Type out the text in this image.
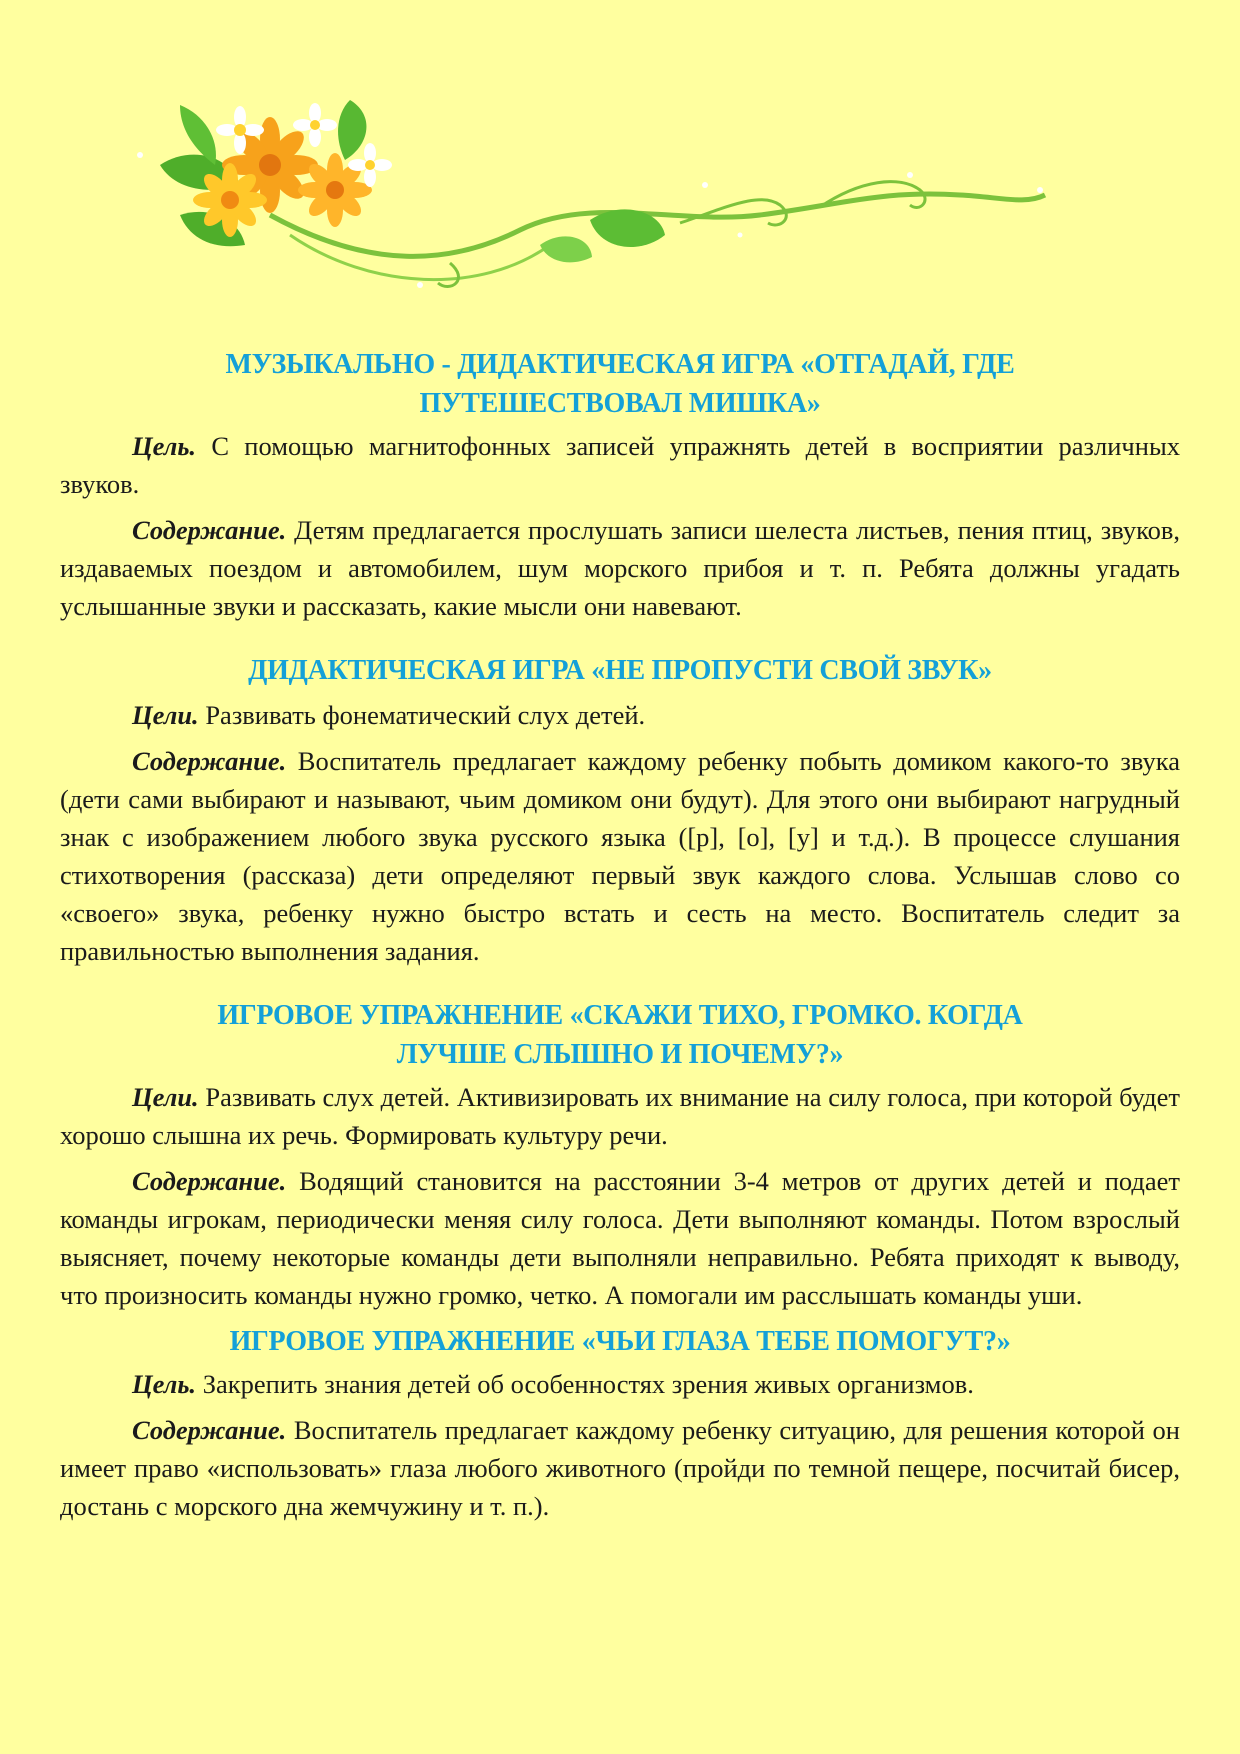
МУЗЫКАЛЬНО - ДИДАКТИЧЕСКАЯ ИГРА «ОТГАДАЙ, ГДЕ ПУТЕШЕСТВОВАЛ МИШКА»

Цель. С помощью магнитофонных записей упражнять детей в восприятии различных звуков.

Содержание. Детям предлагается прослушать записи шелеста листьев, пения птиц, звуков, издаваемых поездом и автомобилем, шум морского прибоя и т. п. Ребята должны угадать услышанные звуки и рассказать, какие мысли они навевают.

ДИДАКТИЧЕСКАЯ ИГРА «НЕ ПРОПУСТИ СВОЙ ЗВУК»

Цели. Развивать фонематический слух детей.

Содержание. Воспитатель предлагает каждому ребенку побыть домиком какого-то звука (дети сами выбирают и называют, чьим домиком они будут). Для этого они выбирают нагрудный знак с изображением любого звука русского языка ([р], [о], [у] и т.д.). В процессе слушания стихотворения (рассказа) дети определяют первый звук каждого слова. Услышав слово со «своего» звука, ребенку нужно быстро встать и сесть на место. Воспитатель следит за правильностью выполнения задания.

ИГРОВОЕ УПРАЖНЕНИЕ «СКАЖИ ТИХО, ГРОМКО. КОГДА ЛУЧШЕ СЛЫШНО И ПОЧЕМУ?»

Цели. Развивать слух детей. Активизировать их внимание на силу голоса, при которой будет хорошо слышна их речь. Формировать культуру речи.

Содержание. Водящий становится на расстоянии 3-4 метров от других детей и подает команды игрокам, периодически меняя силу голоса. Дети выполняют команды. Потом взрослый выясняет, почему некоторые команды дети выполняли неправильно. Ребята приходят к выводу, что произносить команды нужно громко, четко. А помогали им расслышать команды уши.

ИГРОВОЕ УПРАЖНЕНИЕ «ЧЬИ ГЛАЗА ТЕБЕ ПОМОГУТ?»

Цель. Закрепить знания детей об особенностях зрения живых организмов.

Содержание. Воспитатель предлагает каждому ребенку ситуацию, для решения которой он имеет право «использовать» глаза любого животного (пройди по темной пещере, посчитай бисер, достань с морского дна жемчужину и т. п.).
